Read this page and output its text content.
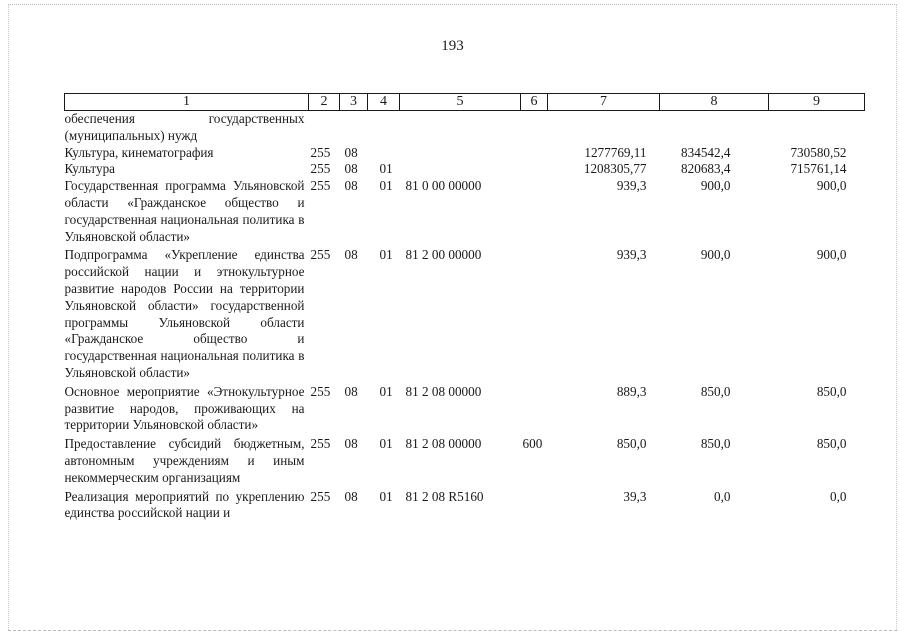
193
1	2	3	4	5	6	7	8	9
обеспечения государственных (муниципальных) нужд								
Культура, кинематография	255	08				1277769,11	834542,4	730580,52
Культура	255	08	01			1208305,77	820683,4	715761,14
Государственная программа Ульяновской области «Гражданское общество и государственная национальная политика в Ульяновской области»	255	08	01	81 0 00 00000		939,3	900,0	900,0
Подпрограмма «Укрепление единства российской нации и этнокультурное развитие народов России на территории Ульяновской области» государственной программы Ульяновской области «Гражданское общество и государственная национальная политика в Ульяновской области»	255	08	01	81 2 00 00000		939,3	900,0	900,0
Основное мероприятие «Этнокультурное развитие народов, проживающих на территории Ульяновской области»	255	08	01	81 2 08 00000		889,3	850,0	850,0
Предоставление субсидий бюджетным, автономным учреждениям и иным некоммерческим организациям	255	08	01	81 2 08 00000	600	850,0	850,0	850,0
Реализация мероприятий по укреплению единства российской нации и	255	08	01	81 2 08 R5160		39,3	0,0	0,0
